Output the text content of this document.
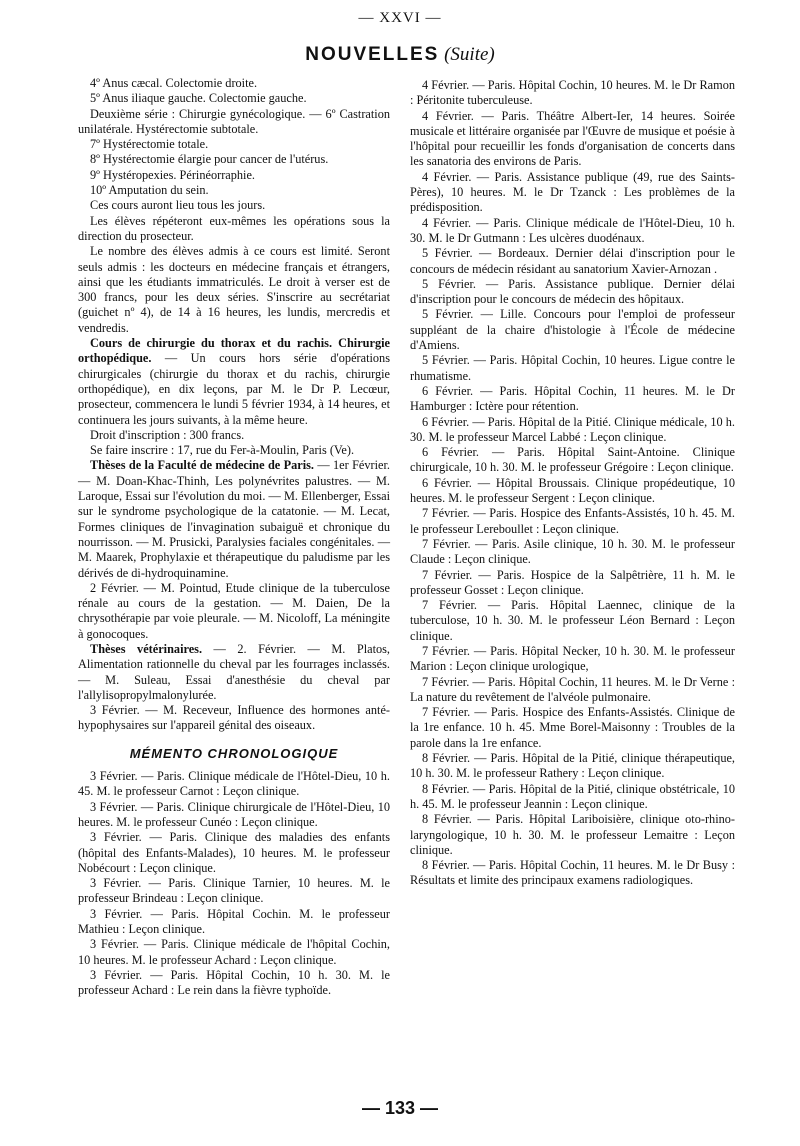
— XXVI —
NOUVELLES (Suite)

4º Anus cæcal. Colectomie droite.

5º Anus iliaque gauche. Colectomie gauche.

Deuxième série : Chirurgie gynécologique. — 6º Castration unilatérale. Hystérectomie subtotale.

7º Hystérectomie totale.

8º Hystérectomie élargie pour cancer de l'utérus.

9º Hystéropexies. Périnéorraphie.

10º Amputation du sein.

Ces cours auront lieu tous les jours.

Les élèves répéteront eux-mêmes les opérations sous la direction du prosecteur.

Le nombre des élèves admis à ce cours est limité. Seront seuls admis : les docteurs en médecine français et étrangers, ainsi que les étudiants immatriculés. Le droit à verser est de 300 francs, pour les deux séries. S'inscrire au secrétariat (guichet nº 4), de 14 à 16 heures, les lundis, mercredis et vendredis.

Cours de chirurgie du thorax et du rachis. Chirurgie orthopédique. — Un cours hors série d'opérations chirurgicales (chirurgie du thorax et du rachis, chirurgie orthopédique), en dix leçons, par M. le Dr P. Lecœur, prosecteur, commencera le lundi 5 février 1934, à 14 heures, et continuera les jours suivants, à la même heure.

Droit d'inscription : 300 francs.

Se faire inscrire : 17, rue du Fer-à-Moulin, Paris (Ve).

Thèses de la Faculté de médecine de Paris. — 1er Février. — M. Doan-Khac-Thinh, Les polynévrites palustres. — M. Laroque, Essai sur l'évolution du moi. — M. Ellenberger, Essai sur le syndrome psychologique de la catatonie. — M. Lecat, Formes cliniques de l'invagination subaiguë et chronique du nourrisson. — M. Prusicki, Paralysies faciales congénitales. — M. Maarek, Prophylaxie et thérapeutique du paludisme par les dérivés de di-hydroquinamine.

2 Février. — M. Pointud, Etude clinique de la tuberculose rénale au cours de la gestation. — M. Daien, De la chrysothérapie par voie pleurale. — M. Nicoloff, La méningite à gonocoques.

Thèses vétérinaires. — 2. Février. — M. Platos, Alimentation rationnelle du cheval par les fourrages inclassés. — M. Suleau, Essai d'anesthésie du cheval par l'allylisopropylmalonylurée.

3 Février. — M. Receveur, Influence des hormones anté-hypophysaires sur l'appareil génital des oiseaux.

MÉMENTO CHRONOLOGIQUE

3 Février. — Paris. Clinique médicale de l'Hôtel-Dieu, 10 h. 45. M. le professeur Carnot : Leçon clinique.

3 Février. — Paris. Clinique chirurgicale de l'Hôtel-Dieu, 10 heures. M. le professeur Cunéo : Leçon clinique.

3 Février. — Paris. Clinique des maladies des enfants (hôpital des Enfants-Malades), 10 heures. M. le professeur Nobécourt : Leçon clinique.

3 Février. — Paris. Clinique Tarnier, 10 heures. M. le professeur Brindeau : Leçon clinique.

3 Février. — Paris. Hôpital Cochin. M. le professeur Mathieu : Leçon clinique.

3 Février. — Paris. Clinique médicale de l'hôpital Cochin, 10 heures. M. le professeur Achard : Leçon clinique.

3 Février. — Paris. Hôpital Cochin, 10 h. 30. M. le professeur Achard : Le rein dans la fièvre typhoïde.

4 Février. — Paris. Hôpital Cochin, 10 heures. M. le Dr Ramon : Péritonite tuberculeuse.

4 Février. — Paris. Théâtre Albert-Ier, 14 heures. Soirée musicale et littéraire organisée par l'Œuvre de musique et poésie à l'hôpital pour recueillir les fonds d'organisation de concerts dans les sanatoria des environs de Paris.

4 Février. — Paris. Assistance publique (49, rue des Saints-Pères), 10 heures. M. le Dr Tzanck : Les problèmes de la prédisposition.

4 Février. — Paris. Clinique médicale de l'Hôtel-Dieu, 10 h. 30. M. le Dr Gutmann : Les ulcères duodénaux.

5 Février. — Bordeaux. Dernier délai d'inscription pour le concours de médecin résidant au sanatorium Xavier-Arnozan .

5 Février. — Paris. Assistance publique. Dernier délai d'inscription pour le concours de médecin des hôpitaux.

5 Février. — Lille. Concours pour l'emploi de professeur suppléant de la chaire d'histologie à l'École de médecine d'Amiens.

5 Février. — Paris. Hôpital Cochin, 10 heures. Ligue contre le rhumatisme.

6 Février. — Paris. Hôpital Cochin, 11 heures. M. le Dr Hamburger : Ictère pour rétention.

6 Février. — Paris. Hôpital de la Pitié. Clinique médicale, 10 h. 30. M. le professeur Marcel Labbé : Leçon clinique.

6 Février. — Paris. Hôpital Saint-Antoine. Clinique chirurgicale, 10 h. 30. M. le professeur Grégoire : Leçon clinique.

6 Février. — Hôpital Broussais. Clinique propédeutique, 10 heures. M. le professeur Sergent : Leçon clinique.

7 Février. — Paris. Hospice des Enfants-Assistés, 10 h. 45. M. le professeur Lereboullet : Leçon clinique.

7 Février. — Paris. Asile clinique, 10 h. 30. M. le professeur Claude : Leçon clinique.

7 Février. — Paris. Hospice de la Salpêtrière, 11 h. M. le professeur Gosset : Leçon clinique.

7 Février. — Paris. Hôpital Laennec, clinique de la tuberculose, 10 h. 30. M. le professeur Léon Bernard : Leçon clinique.

7 Février. — Paris. Hôpital Necker, 10 h. 30. M. le professeur Marion : Leçon clinique urologique,

7 Février. — Paris. Hôpital Cochin, 11 heures. M. le Dr Verne : La nature du revêtement de l'alvéole pulmonaire.

7 Février. — Paris. Hospice des Enfants-Assistés. Clinique de la 1re enfance. 10 h. 45. Mme Borel-Maisonny : Troubles de la parole dans la 1re enfance.

8 Février. — Paris. Hôpital de la Pitié, clinique thérapeutique, 10 h. 30. M. le professeur Rathery : Leçon clinique.

8 Février. — Paris. Hôpital de la Pitié, clinique obstétricale, 10 h. 45. M. le professeur Jeannin : Leçon clinique.

8 Février. — Paris. Hôpital Lariboisière, clinique oto-rhino-laryngologique, 10 h. 30. M. le professeur Lemaitre : Leçon clinique.

8 Février. — Paris. Hôpital Cochin, 11 heures. M. le Dr Busy : Résultats et limite des principaux examens radiologiques.

— 133 —
